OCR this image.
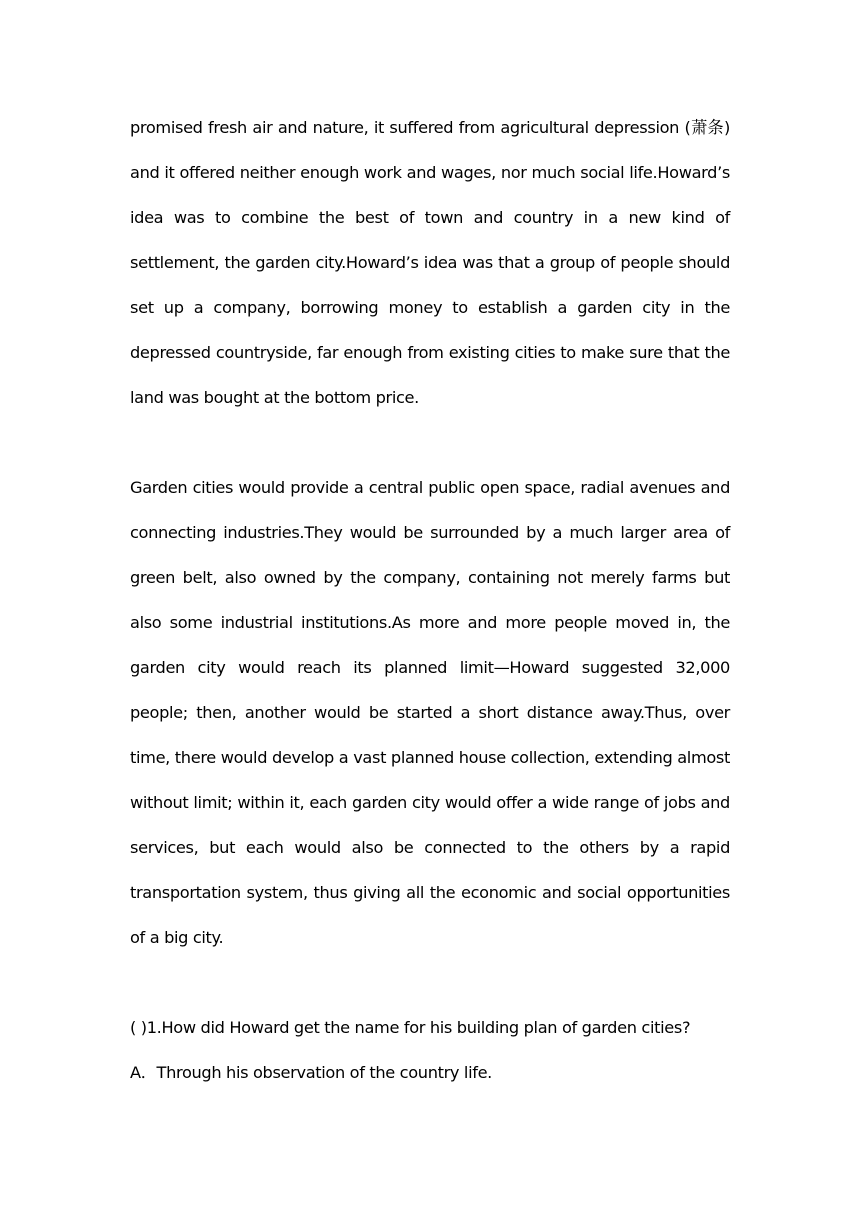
promised fresh air and nature, it suffered from agricultural depression (萧条) and it offered neither enough work and wages, nor much social life.Howard’s idea was to combine the best of town and country in a new kind of settlement, the garden city.Howard’s idea was that a group of people should set up a company, borrowing money to establish a garden city in the depressed countryside, far enough from existing cities to make sure that the land was bought at the bottom price.

Garden cities would provide a central public open space, radial avenues and connecting industries.They would be surrounded by a much larger area of green belt, also owned by the company, containing not merely farms but also some industrial institutions.As more and more people moved in, the garden city would reach its planned limit—Howard suggested 32,000 people; then, another would be started a short distance away.Thus, over time, there would develop a vast planned house collection, extending almost without limit; within it, each garden city would offer a wide range of jobs and services, but each would also be connected to the others by a rapid transportation system, thus giving all the economic and social opportunities of a big city.

( )1.How did Howard get the name for his building plan of garden cities?
A．Through his observation of the country life.
